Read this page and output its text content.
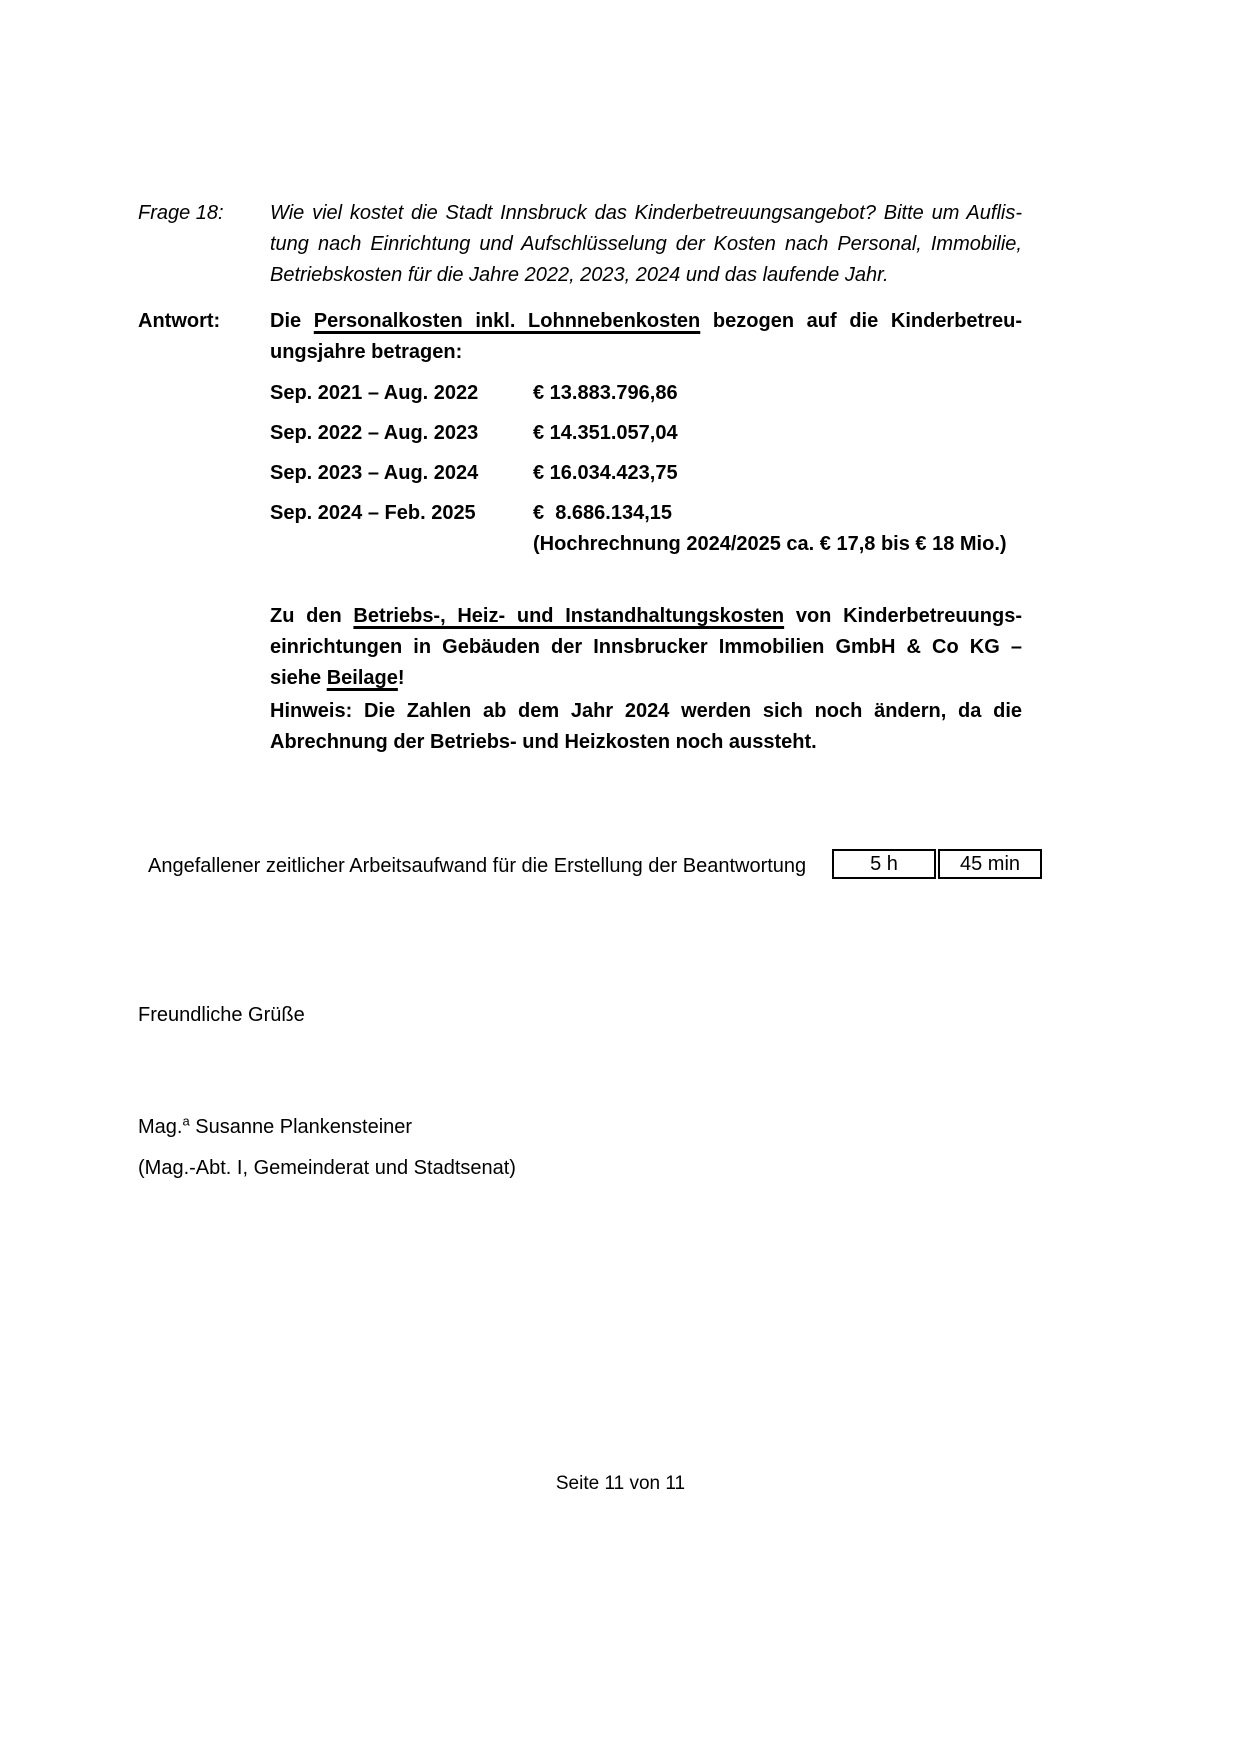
Frage 18:	Wie viel kostet die Stadt Innsbruck das Kinderbetreuungsangebot? Bitte um Auflis-
tung nach Einrichtung und Aufschlüsselung der Kosten nach Personal, Immobilie,
Betriebskosten für die Jahre 2022, 2023, 2024 und das laufende Jahr.
Antwort:	Die Personalkosten inkl. Lohnnebenkosten bezogen auf die Kinderbetreu-
ungsjahre betragen:
Sep. 2021 – Aug. 2022	€ 13.883.796,86
Sep. 2022 – Aug. 2023	€ 14.351.057,04
Sep. 2023 – Aug. 2024	€ 16.034.423,75
Sep. 2024 – Feb. 2025	€  8.686.134,15
(Hochrechnung 2024/2025 ca. € 17,8 bis € 18 Mio.)
Zu den Betriebs-, Heiz- und Instandhaltungskosten von Kinderbetreuungs-
einrichtungen in Gebäuden der Innsbrucker Immobilien GmbH & Co KG –
siehe Beilage!
Hinweis: Die Zahlen ab dem Jahr 2024 werden sich noch ändern, da die
Abrechnung der Betriebs- und Heizkosten noch aussteht.
Angefallener zeitlicher Arbeitsaufwand für die Erstellung der Beantwortung	5 h	45 min
Freundliche Grüße
Mag.$^a$ Susanne Plankensteiner
(Mag.-Abt. I, Gemeinderat und Stadtsenat)
Seite 11 von 11
